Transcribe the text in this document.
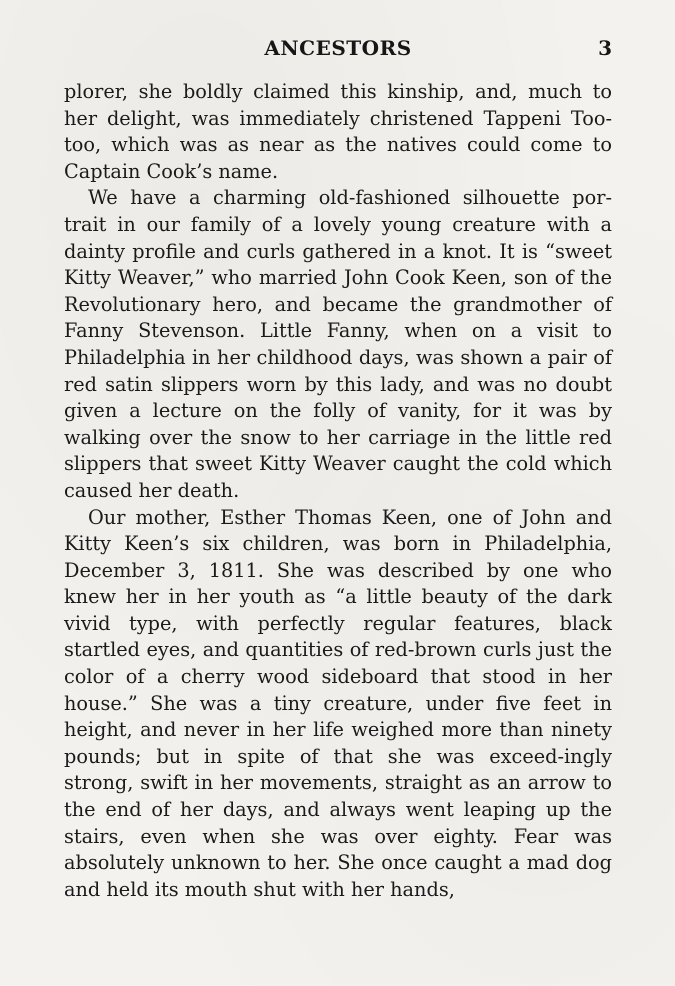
ANCESTORS	3

plorer, she boldly claimed this kinship, and, much to her delight, was immediately christened Tappeni Too-too, which was as near as the natives could come to Captain Cook’s name.

We have a charming old-fashioned silhouette por-trait in our family of a lovely young creature with a dainty profile and curls gathered in a knot. It is “sweet Kitty Weaver,” who married John Cook Keen, son of the Revolutionary hero, and became the grandmother of Fanny Stevenson. Little Fanny, when on a visit to Philadelphia in her childhood days, was shown a pair of red satin slippers worn by this lady, and was no doubt given a lecture on the folly of vanity, for it was by walking over the snow to her carriage in the little red slippers that sweet Kitty Weaver caught the cold which caused her death.

Our mother, Esther Thomas Keen, one of John and Kitty Keen’s six children, was born in Philadelphia, December 3, 1811. She was described by one who knew her in her youth as “a little beauty of the dark vivid type, with perfectly regular features, black startled eyes, and quantities of red-brown curls just the color of a cherry wood sideboard that stood in her house.” She was a tiny creature, under five feet in height, and never in her life weighed more than ninety pounds; but in spite of that she was exceed-ingly strong, swift in her movements, straight as an arrow to the end of her days, and always went leaping up the stairs, even when she was over eighty. Fear was absolutely unknown to her. She once caught a mad dog and held its mouth shut with her hands,
